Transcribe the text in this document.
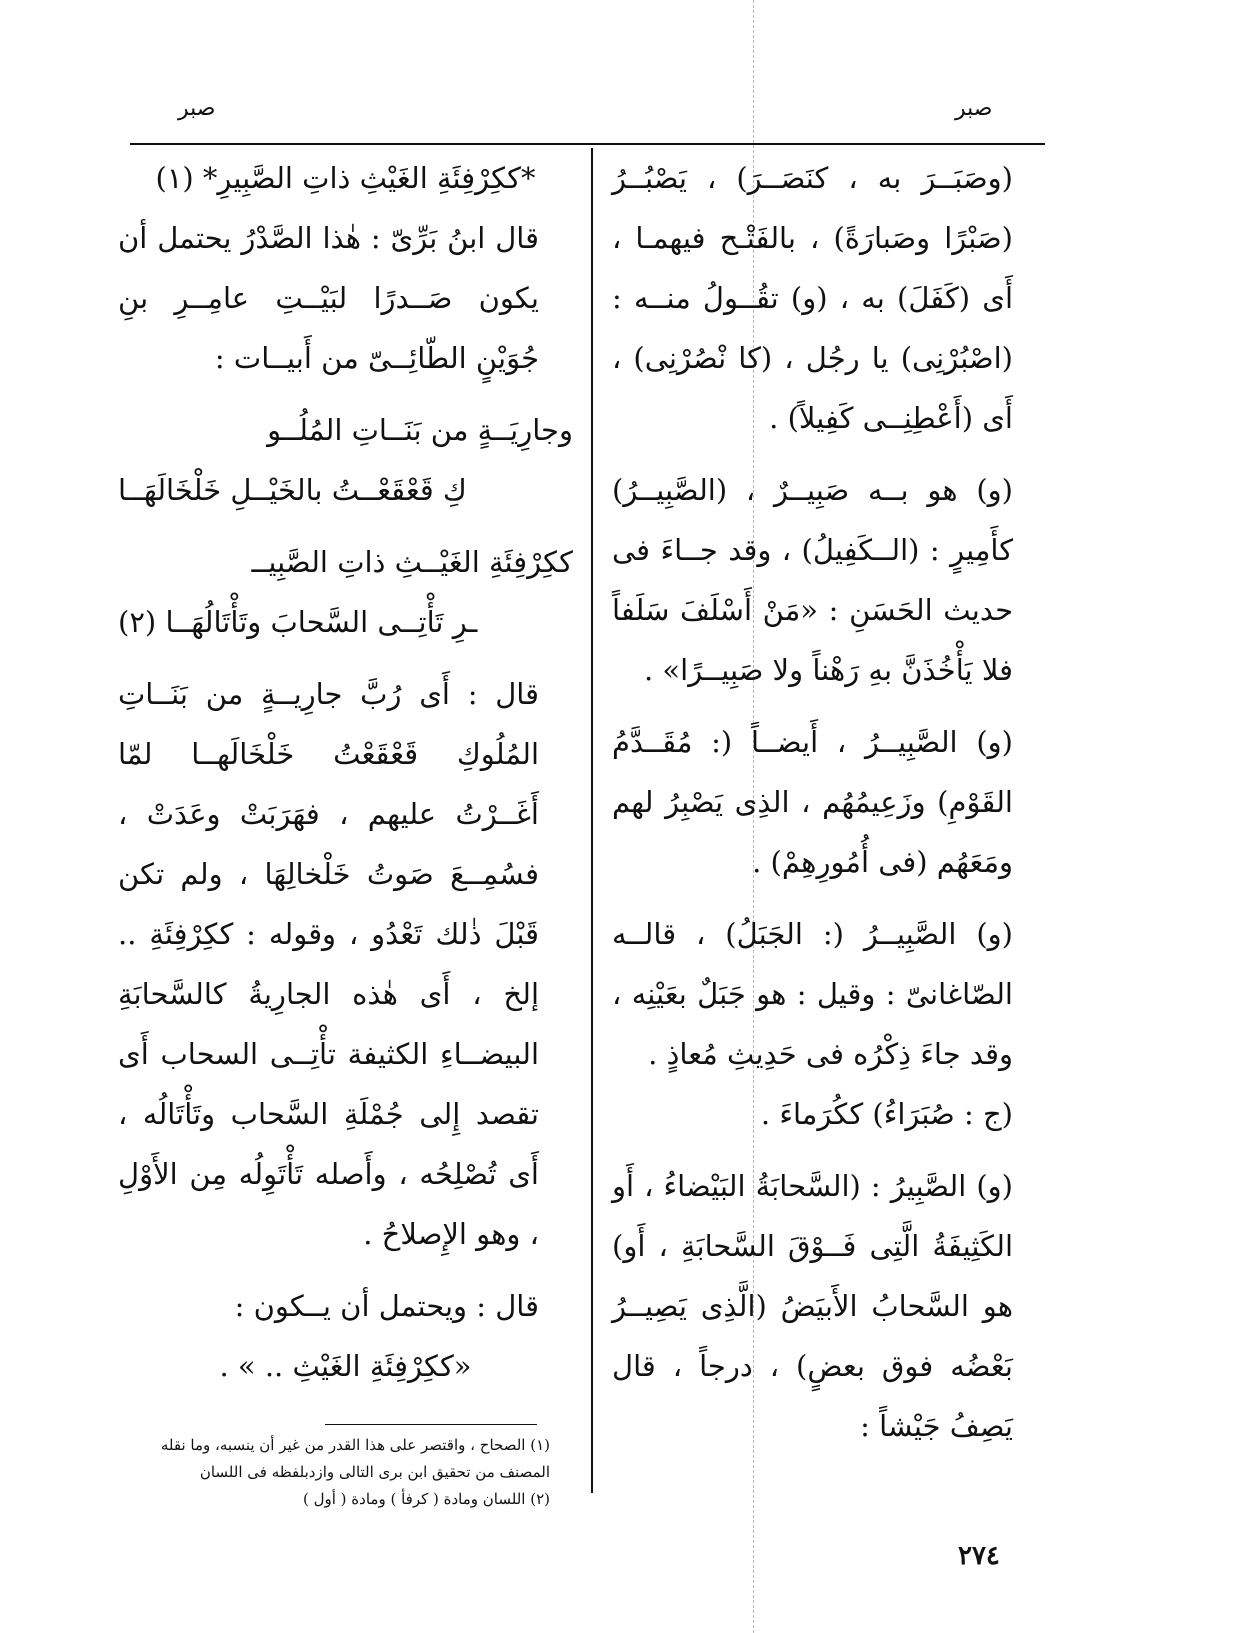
صبر
صبر

(وصَبَــرَ به ، كنَصَــرَ) ، يَصْبُــرُ (صَبْرًا وصَبارَةً) ، بالفَتْـح فيهمـا ، أَى (كَفَلَ) به ، (و) تقُــولُ منــه : (اصْبُرْنِى) يا رجُل ، (كا نْصُرْنِى) ، أَى (أَعْطِنِــى كَفِيلاً) .

(و) هو بــه صَبِيــرٌ ، (الصَّبِيــرُ) كأَمِيرٍ : (الــكَفِيلُ) ، وقد جــاءَ فى حديث الحَسَنِ : «مَنْ أَسْلَفَ سَلَفاً فلا يَأْخُذَنَّ بهِ رَهْناً ولا صَبِيــرًا» .

(و) الصَّبِيــرُ ، أَيضــاً (: مُقَــدَّمُ القَوْمِ) وزَعِيمُهُم ، الذِى يَصْبِرُ لهم ومَعَهُم (فى أُمُورِهِمْ) .

(و) الصَّبِيــرُ (: الجَبَلُ) ، قالــه الصّاغانىّ : وقيل : هو جَبَلٌ بعَيْنِه ، وقد جاءَ ذِكْرُه فى حَدِيثِ مُعاذٍ .

(ج : صُبَرَاءُ) ككُرَماءَ .

(و) الصَّبِيرُ : (السَّحابَةُ البَيْضاءُ ، أَو الكَثِيفَةُ الَّتِى فَــوْقَ السَّحابَةِ ، أَو) هو السَّحابُ الأَبيَضُ (الَّذِى يَصِيــرُ بَعْضُه فوق بعضٍ) ، درجاً ، قال يَصِفُ جَيْشاً :

*ككِرْفِئَةِ الغَيْثِ ذاتِ الصَّبِيرِ* (١)

قال ابنُ بَرِّىّ : هٰذا الصَّدْرُ يحتمل أن يكون صَــدرًا لبَيْــتِ عامِــرِ بنِ جُوَيْنٍ الطّائِــىّ من أَبيــات :

وجارِيَــةٍ من بَنَــاتِ المُلُــو
كِ قَعْقَعْــتُ بالخَيْــلِ خَلْخَالَهَــا
ككِرْفِئَةِ الغَيْــثِ ذاتِ الصَّبِيــ
ـرِ تَأْتِــى السَّحابَ وتَأْتَالُهَــا (٢)

قال : أَى رُبَّ جارِيــةٍ من بَنَــاتِ المُلُوكِ قَعْقَعْتُ خَلْخَالَهــا لمّا أَغَــرْتُ عليهم ، فهَرَبَتْ وعَدَتْ ، فسُمِــعَ صَوتُ خَلْخالِهَا ، ولم تكن قَبْلَ ذٰلك تَعْدُو ، وقوله : ككِرْفِئَةِ .. إلخ ، أَى هٰذه الجارِيةُ كالسَّحابَةِ البيضــاءِ الكثيفة تأْتِــى السحاب أَى تقصد إِلى جُمْلَةِ السَّحاب وتَأْتَالُه ، أَى تُصْلِحُه ، وأَصله تَأْتَوِلُه مِن الأَوْلِ ، وهو الإِصلاحُ .

قال : ويحتمل أن يــكون :

«ككِرْفِئَةِ الغَيْثِ .. » .

(١) الصحاح ، واقتصر على هذا القدر من غير أن ينسبه، وما نقله المصنف من تحقيق ابن برى التالى وازدبلفظه فى اللسان

(٢) اللسان ومادة ( كرفأ ) ومادة ( أول )

٢٧٤
